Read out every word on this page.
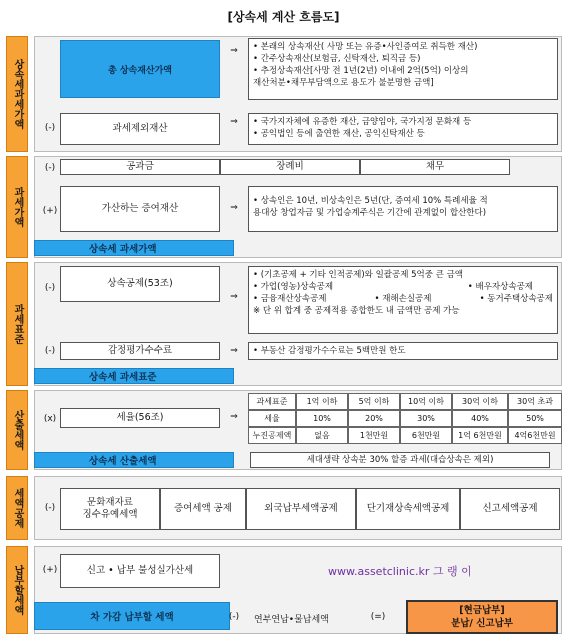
[상속세 계산 흐름도]
상속세과세가액	총 상속재산가액
⇒	• 본래의 상속재산( 사망 또는 유증•사인증여로 취득한 재산)
• 간주상속재산(보험금, 신탁재산, 퇴직금 등)
• 추정상속재산[사망 전 1년(2년) 이내에 2억(5억) 이상의
재산처분•채무부담액으로 용도가 불분명한 금액]
(-)	과세제외재산
⇒	• 국가지자체에 유증한 재산, 금양임야, 국가지정 문화재 등
• 공익법인 등에 출연한 재산, 공익신탁재산 등
과세가액
(-)	공과금	장례비	채무
(+)	가산하는 증여재산	⇒
• 상속인은 10년, 비상속인은 5년(단, 증여세 10% 특례세율 적
용대상 창업자금 및 가업승계주식은 기간에 관계없이 합산한다)
상속세 과세가액
과세표준
(-)	상속공제(53조)
⇒
• (기초공제 + 기타 인적공제)와 일괄공제 5억중 큰 금액
• 가업(영농)상속공제	• 배우자상속공제
• 금융재산상속공제	• 재해손실공제	• 동거주택상속공제
※ 단 위 합계 중 공제적용 종합한도 내 금액만 공제 가능
(-)	감정평가수수료	⇒	• 부동산 감정평가수수료는 5백만원 한도
상속세 과세표준
산출세액 (x)	세율(56조)	⇒
과세표준	1억 이하	5억 이하	10억 이하	30억 이하	30억 초과
세율	10%	20%	30%	40%	50%
누진공제액	없음	1천만원	6천만원	1억 6천만원	4억6천만원
상속세 산출세액	세대생략 상속분 30% 할증 과세(대습상속은 제외)
세액공제	(-)	문화재자료
징수유예세액
증여세액 공제	외국납부세액공제	단기재상속세액공제	신고세액공제
납부할세액 (+)	신고 • 납부 불성실가산세	www.assetclinic.kr 그 랭 이
차 가감 납부할 세액	(-)	연부연납•물납세액	(=)
[현금납부]
분납/ 신고납부
